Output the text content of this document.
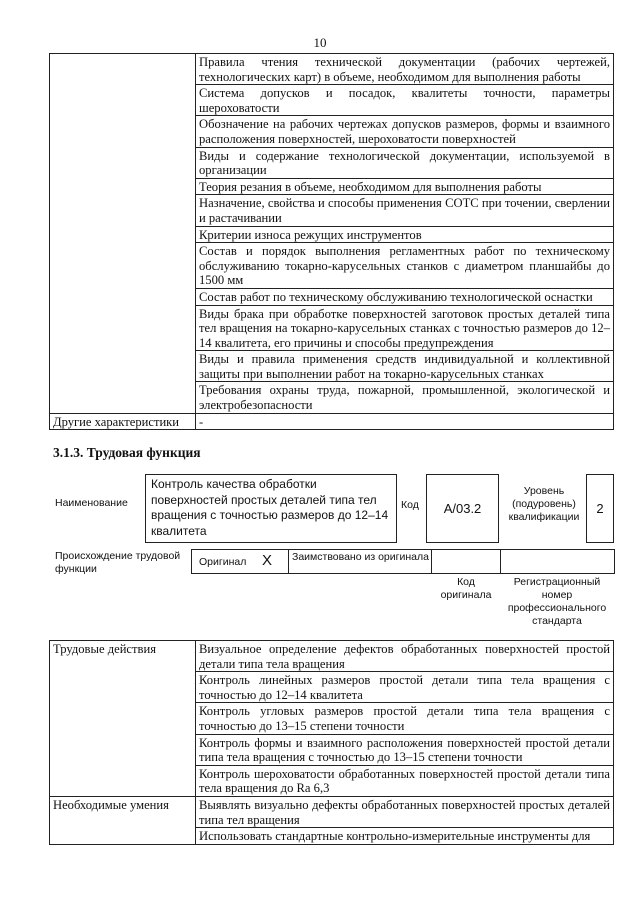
10
	Правила чтения технической документации (рабочих чертежей, технологических карт) в объеме, необходимом для выполнения работы
	Система допусков и посадок, квалитеты точности, параметры шероховатости
	Обозначение на рабочих чертежах допусков размеров, формы и взаимного расположения поверхностей, шероховатости поверхностей
	Виды и содержание технологической документации, используемой в организации
	Теория резания в объеме, необходимом для выполнения работы
	Назначение, свойства и способы применения СОТС при точении, сверлении и растачивании
	Критерии износа режущих инструментов
	Состав и порядок выполнения регламентных работ по техническому обслуживанию токарно-карусельных станков с диаметром планшайбы до 1500 мм
	Состав работ по техническому обслуживанию технологической оснастки
	Виды брака при обработке поверхностей заготовок простых деталей типа тел вращения на токарно-карусельных станках с точностью размеров до 12–14 квалитета, его причины и способы предупреждения
	Виды и правила применения средств индивидуальной и коллективной защиты при выполнении работ на токарно-карусельных станках
	Требования охраны труда, пожарной, промышленной, экологической и электробезопасности
Другие характеристики	-
3.1.3. Трудовая функция
Наименование
Контроль качества обработки поверхностей простых деталей типа тел вращения с точностью размеров до 12–14 квалитета
Код А/03.2
Уровень (подуровень) квалификации
2
Происхождение трудовой функции
Оригинал X Заимствовано из оригинала
Код оригинала
Регистрационный номер профессионального стандарта
Трудовые действия	Визуальное определение дефектов обработанных поверхностей простой детали типа тела вращения
	Контроль линейных размеров простой детали типа тела вращения с точностью до 12–14 квалитета
	Контроль угловых размеров простой детали типа тела вращения с точностью до 13–15 степени точности
	Контроль формы и взаимного расположения поверхностей простой детали типа тела вращения с точностью до 13–15 степени точности
	Контроль шероховатости обработанных поверхностей простой детали типа тела вращения до Ra 6,3
Необходимые умения	Выявлять визуально дефекты обработанных поверхностей простых деталей типа тел вращения
	Использовать стандартные контрольно-измерительные инструменты для
